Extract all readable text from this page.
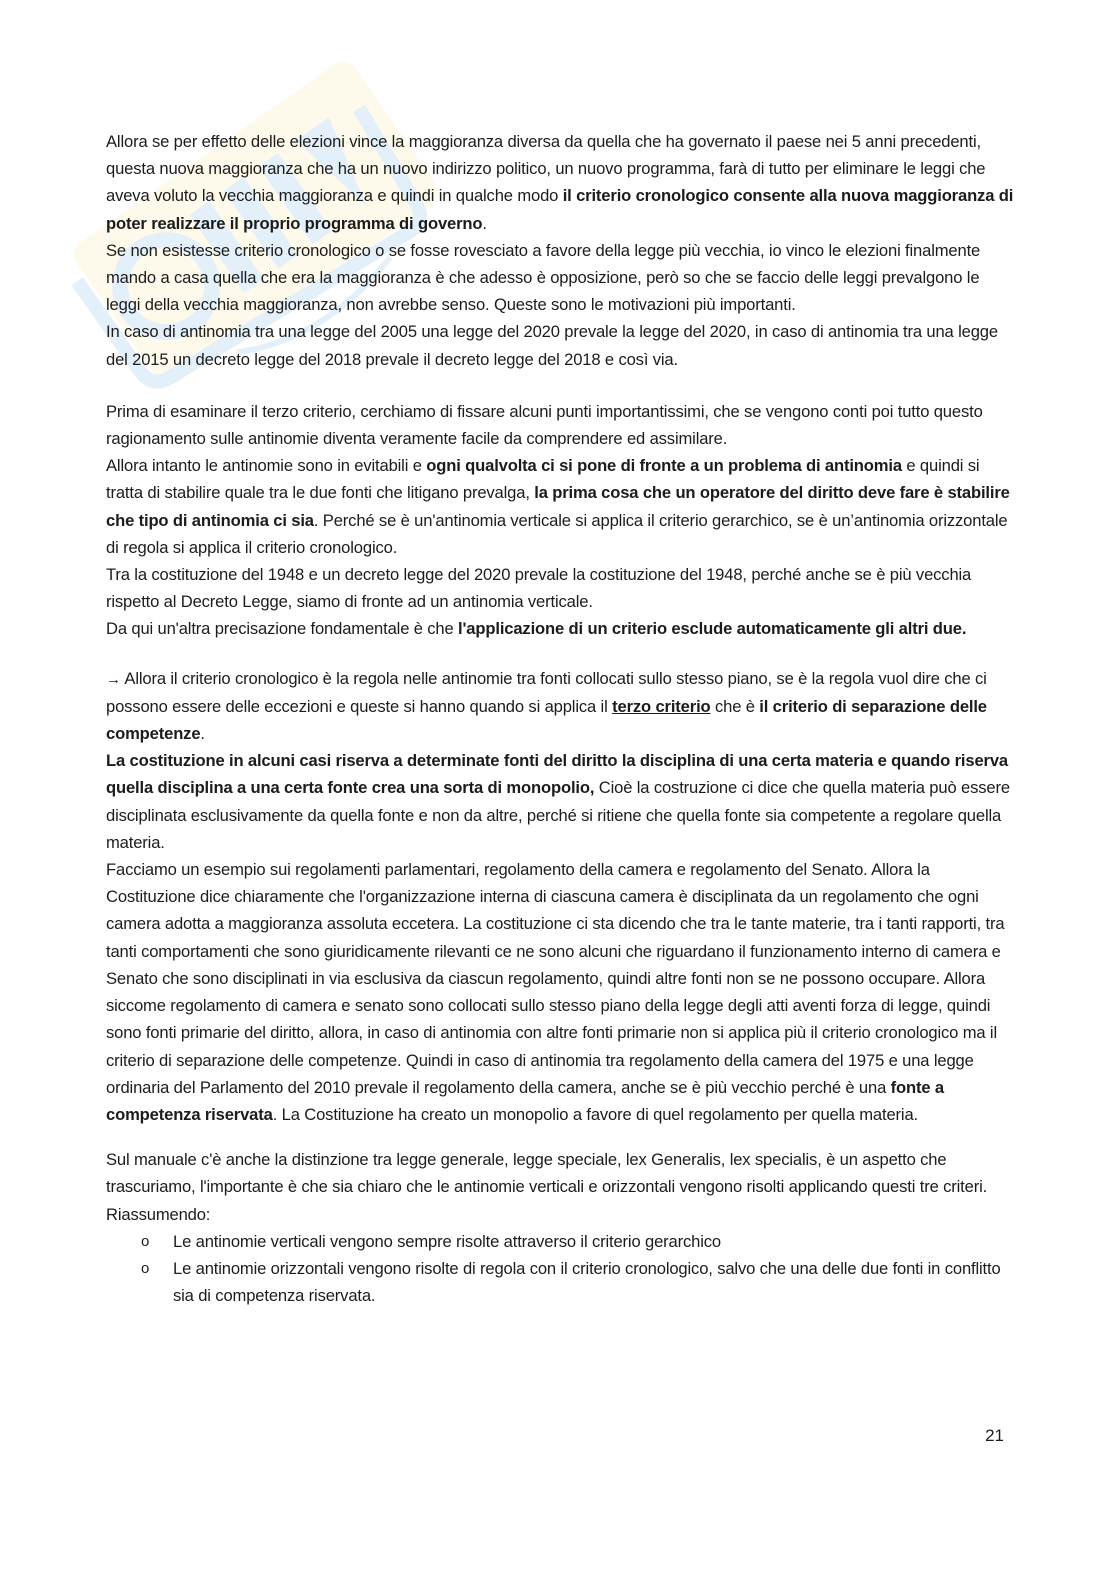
Allora se per effetto delle elezioni vince la maggioranza diversa da quella che ha governato il paese nei 5 anni precedenti, questa nuova maggioranza che ha un nuovo indirizzo politico, un nuovo programma, farà di tutto per eliminare le leggi che aveva voluto la vecchia maggioranza e quindi in qualche modo il criterio cronologico consente alla nuova maggioranza di poter realizzare il proprio programma di governo.

Se non esistesse criterio cronologico o se fosse rovesciato a favore della legge più vecchia, io vinco le elezioni finalmente mando a casa quella che era la maggioranza è che adesso è opposizione, però so che se faccio delle leggi prevalgono le leggi della vecchia maggioranza, non avrebbe senso. Queste sono le motivazioni più importanti.

In caso di antinomia tra una legge del 2005 una legge del 2020 prevale la legge del 2020, in caso di antinomia tra una legge del 2015 un decreto legge del 2018 prevale il decreto legge del 2018 e così via.

Prima di esaminare il terzo criterio, cerchiamo di fissare alcuni punti importantissimi, che se vengono conti poi tutto questo ragionamento sulle antinomie diventa veramente facile da comprendere ed assimilare.

Allora intanto le antinomie sono in evitabili e ogni qualvolta ci si pone di fronte a un problema di antinomia e quindi si tratta di stabilire quale tra le due fonti che litigano prevalga, la prima cosa che un operatore del diritto deve fare è stabilire che tipo di antinomia ci sia. Perché se è un'antinomia verticale si applica il criterio gerarchico, se è un’antinomia orizzontale di regola si applica il criterio cronologico.

Tra la costituzione del 1948 e un decreto legge del 2020 prevale la costituzione del 1948, perché anche se è più vecchia rispetto al Decreto Legge, siamo di fronte ad un antinomia verticale.

Da qui un'altra precisazione fondamentale è che l'applicazione di un criterio esclude automaticamente gli altri due.

→ Allora il criterio cronologico è la regola nelle antinomie tra fonti collocati sullo stesso piano, se è la regola vuol dire che ci possono essere delle eccezioni e queste si hanno quando si applica il terzo criterio che è il criterio di separazione delle competenze.

La costituzione in alcuni casi riserva a determinate fonti del diritto la disciplina di una certa materia e quando riserva quella disciplina a una certa fonte crea una sorta di monopolio, Cioè la costruzione ci dice che quella materia può essere disciplinata esclusivamente da quella fonte e non da altre, perché si ritiene che quella fonte sia competente a regolare quella materia.

Facciamo un esempio sui regolamenti parlamentari, regolamento della camera e regolamento del Senato. Allora la Costituzione dice chiaramente che l'organizzazione interna di ciascuna camera è disciplinata da un regolamento che ogni camera adotta a maggioranza assoluta eccetera. La costituzione ci sta dicendo che tra le tante materie, tra i tanti rapporti, tra tanti comportamenti che sono giuridicamente rilevanti ce ne sono alcuni che riguardano il funzionamento interno di camera e Senato che sono disciplinati in via esclusiva da ciascun regolamento, quindi altre fonti non se ne possono occupare. Allora siccome regolamento di camera e senato sono collocati sullo stesso piano della legge degli atti aventi forza di legge, quindi sono fonti primarie del diritto, allora, in caso di antinomia con altre fonti primarie non si applica più il criterio cronologico ma il criterio di separazione delle competenze. Quindi in caso di antinomia tra regolamento della camera del 1975 e una legge ordinaria del Parlamento del 2010 prevale il regolamento della camera, anche se è più vecchio perché è una fonte a competenza riservata. La Costituzione ha creato un monopolio a favore di quel regolamento per quella materia.

Sul manuale c'è anche la distinzione tra legge generale, legge speciale, lex Generalis, lex specialis, è un aspetto che trascuriamo, l'importante è che sia chiaro che le antinomie verticali e orizzontali vengono risolti applicando questi tre criteri. Riassumendo:

o Le antinomie verticali vengono sempre risolte attraverso il criterio gerarchico
o Le antinomie orizzontali vengono risolte di regola con il criterio cronologico, salvo che una delle due fonti in conflitto sia di competenza riservata.
21
